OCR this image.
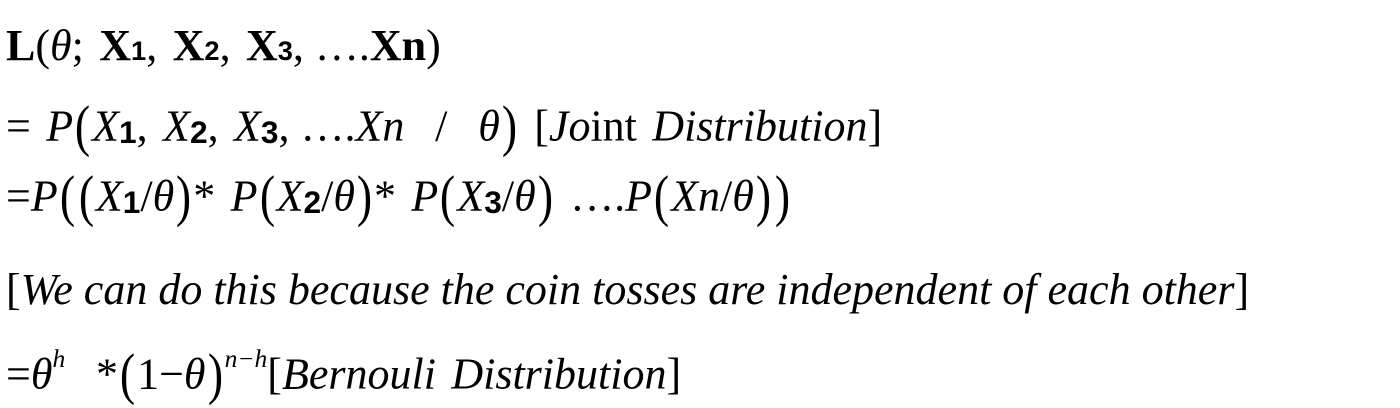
L(θ; X1, X2, X3, ….Xn)
= P(X1, X2, X3, ….Xn / θ) [Joint Distribution]
=P((X1/θ)* P(X2/θ)* P(X3/θ) ….P(Xn/θ))
[We can do this because the coin tosses are independent of each other]
$=\theta^h$ $*(1-\theta)^{n-h}[Bernouli$ Distribution]
